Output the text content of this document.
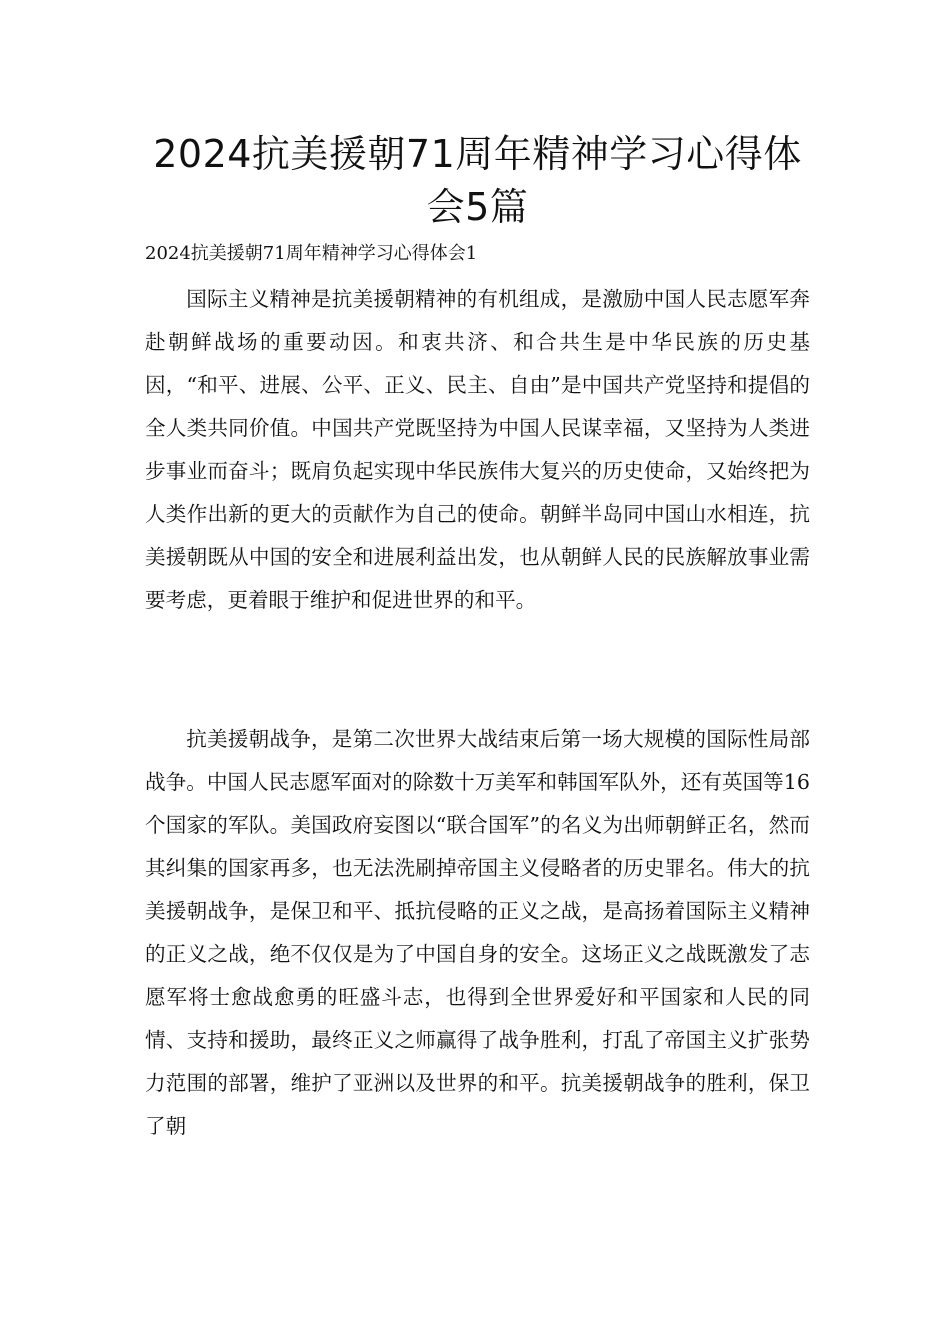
2024抗美援朝71周年精神学习心得体会5篇

2024抗美援朝71周年精神学习心得体会1

国际主义精神是抗美援朝精神的有机组成，是激励中国人民志愿军奔赴朝鲜战场的重要动因。和衷共济、和合共生是中华民族的历史基因，“和平、进展、公平、正义、民主、自由”是中国共产党坚持和提倡的全人类共同价值。中国共产党既坚持为中国人民谋幸福，又坚持为人类进步事业而奋斗；既肩负起实现中华民族伟大复兴的历史使命，又始终把为人类作出新的更大的贡献作为自己的使命。朝鲜半岛同中国山水相连，抗美援朝既从中国的安全和进展利益出发，也从朝鲜人民的民族解放事业需要考虑，更着眼于维护和促进世界的和平。

抗美援朝战争，是第二次世界大战结束后第一场大规模的国际性局部战争。中国人民志愿军面对的除数十万美军和韩国军队外，还有英国等16个国家的军队。美国政府妄图以“联合国军”的名义为出师朝鲜正名，然而其纠集的国家再多，也无法洗刷掉帝国主义侵略者的历史罪名。伟大的抗美援朝战争，是保卫和平、抵抗侵略的正义之战，是高扬着国际主义精神的正义之战，绝不仅仅是为了中国自身的安全。这场正义之战既激发了志愿军将士愈战愈勇的旺盛斗志，也得到全世界爱好和平国家和人民的同情、支持和援助，最终正义之师赢得了战争胜利，打乱了帝国主义扩张势力范围的部署，维护了亚洲以及世界的和平。抗美援朝战争的胜利，保卫了朝
